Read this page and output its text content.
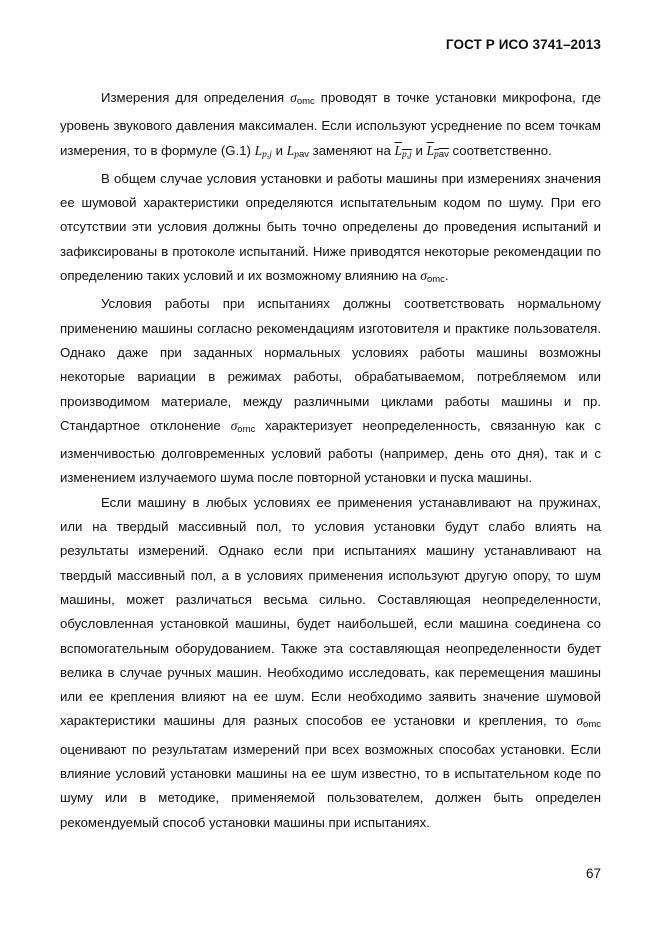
ГОСТ Р ИСО 3741–2013

Измерения для определения $\sigma_{omc}$ проводят в точке установки микрофона, где уровень звукового давления максимален. Если используют усреднение по всем точкам измерения, то в формуле (G.1) Lp,j и $Lp_{av}$ заменяют на Lp,j и $Lp_{av}$ соответственно.

В общем случае условия установки и работы машины при измерениях значения ее шумовой характеристики определяются испытательным кодом по шуму. При его отсутствии эти условия должны быть точно определены до проведения испытаний и зафиксированы в протоколе испытаний. Ниже приводятся некоторые рекомендации по определению таких условий и их возможному влиянию на $\sigma_{omc}$.

Условия работы при испытаниях должны соответствовать нормальному применению машины согласно рекомендациям изготовителя и практике пользователя. Однако даже при заданных нормальных условиях работы машины возможны некоторые вариации в режимах работы, обрабатываемом, потребляемом или производимом материале, между различными циклами работы машины и пр. Стандартное отклонение $\sigma_{omc}$ характеризует неопределенность, связанную как с изменчивостью долговременных условий работы (например, день ото дня), так и с изменением излучаемого шума после повторной установки и пуска машины.

Если машину в любых условиях ее применения устанавливают на пружинах, или на твердый массивный пол, то условия установки будут слабо влиять на результаты измерений. Однако если при испытаниях машину устанавливают на твердый массивный пол, а в условиях применения используют другую опору, то шум машины, может различаться весьма сильно. Составляющая неопределенности, обусловленная установкой машины, будет наибольшей, если машина соединена со вспомогательным оборудованием. Также эта составляющая неопределенности будет велика в случае ручных машин. Необходимо исследовать, как перемещения машины или ее крепления влияют на ее шум. Если необходимо заявить значение шумовой характеристики машины для разных способов ее установки и крепления, то $\sigma_{omc}$ оценивают по результатам измерений при всех возможных способах установки. Если влияние условий установки машины на ее шум известно, то в испытательном коде по шуму или в методике, применяемой пользователем, должен быть определен рекомендуемый способ установки машины при испытаниях.

67
